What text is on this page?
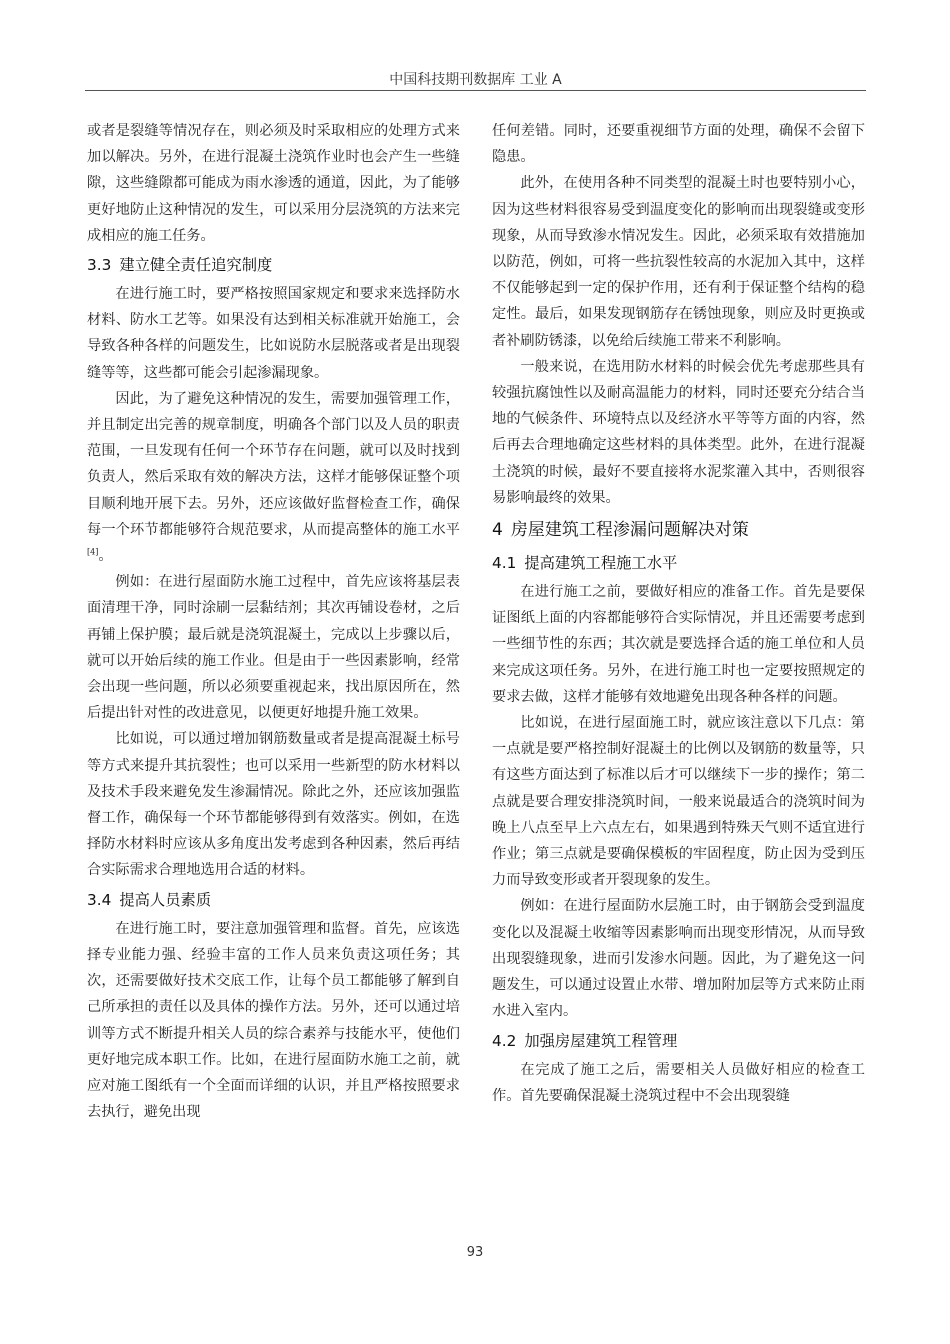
中国科技期刊数据库 工业 A

或者是裂缝等情况存在，则必须及时采取相应的处理方式来加以解决。另外，在进行混凝土浇筑作业时也会产生一些缝隙，这些缝隙都可能成为雨水渗透的通道，因此，为了能够更好地防止这种情况的发生，可以采用分层浇筑的方法来完成相应的施工任务。

3.3 建立健全责任追究制度

在进行施工时，要严格按照国家规定和要求来选择防水材料、防水工艺等。如果没有达到相关标准就开始施工，会导致各种各样的问题发生，比如说防水层脱落或者是出现裂缝等等，这些都可能会引起渗漏现象。

因此，为了避免这种情况的发生，需要加强管理工作，并且制定出完善的规章制度，明确各个部门以及人员的职责范围，一旦发现有任何一个环节存在问题，就可以及时找到负责人，然后采取有效的解决方法，这样才能够保证整个项目顺利地开展下去。另外，还应该做好监督检查工作，确保每一个环节都能够符合规范要求，从而提高整体的施工水平[4]。

例如：在进行屋面防水施工过程中，首先应该将基层表面清理干净，同时涂刷一层黏结剂；其次再铺设卷材，之后再铺上保护膜；最后就是浇筑混凝土，完成以上步骤以后，就可以开始后续的施工作业。但是由于一些因素影响，经常会出现一些问题，所以必须要重视起来，找出原因所在，然后提出针对性的改进意见，以便更好地提升施工效果。

比如说，可以通过增加钢筋数量或者是提高混凝土标号等方式来提升其抗裂性；也可以采用一些新型的防水材料以及技术手段来避免发生渗漏情况。除此之外，还应该加强监督工作，确保每一个环节都能够得到有效落实。例如，在选择防水材料时应该从多角度出发考虑到各种因素，然后再结合实际需求合理地选用合适的材料。

3.4 提高人员素质

在进行施工时，要注意加强管理和监督。首先，应该选择专业能力强、经验丰富的工作人员来负责这项任务；其次，还需要做好技术交底工作，让每个员工都能够了解到自己所承担的责任以及具体的操作方法。另外，还可以通过培训等方式不断提升相关人员的综合素养与技能水平，使他们更好地完成本职工作。比如，在进行屋面防水施工之前，就应对施工图纸有一个全面而详细的认识，并且严格按照要求去执行，避免出现

任何差错。同时，还要重视细节方面的处理，确保不会留下隐患。

此外，在使用各种不同类型的混凝土时也要特别小心，因为这些材料很容易受到温度变化的影响而出现裂缝或变形现象，从而导致渗水情况发生。因此，必须采取有效措施加以防范，例如，可将一些抗裂性较高的水泥加入其中，这样不仅能够起到一定的保护作用，还有利于保证整个结构的稳定性。最后，如果发现钢筋存在锈蚀现象，则应及时更换或者补刷防锈漆，以免给后续施工带来不利影响。

一般来说，在选用防水材料的时候会优先考虑那些具有较强抗腐蚀性以及耐高温能力的材料，同时还要充分结合当地的气候条件、环境特点以及经济水平等等方面的内容，然后再去合理地确定这些材料的具体类型。此外，在进行混凝土浇筑的时候，最好不要直接将水泥浆灌入其中，否则很容易影响最终的效果。

4 房屋建筑工程渗漏问题解决对策
4.1 提高建筑工程施工水平

在进行施工之前，要做好相应的准备工作。首先是要保证图纸上面的内容都能够符合实际情况，并且还需要考虑到一些细节性的东西；其次就是要选择合适的施工单位和人员来完成这项任务。另外，在进行施工时也一定要按照规定的要求去做，这样才能够有效地避免出现各种各样的问题。

比如说，在进行屋面施工时，就应该注意以下几点：第一点就是要严格控制好混凝土的比例以及钢筋的数量等，只有这些方面达到了标准以后才可以继续下一步的操作；第二点就是要合理安排浇筑时间，一般来说最适合的浇筑时间为晚上八点至早上六点左右，如果遇到特殊天气则不适宜进行作业；第三点就是要确保模板的牢固程度，防止因为受到压力而导致变形或者开裂现象的发生。

例如：在进行屋面防水层施工时，由于钢筋会受到温度变化以及混凝土收缩等因素影响而出现变形情况，从而导致出现裂缝现象，进而引发渗水问题。因此，为了避免这一问题发生，可以通过设置止水带、增加附加层等方式来防止雨水进入室内。

4.2 加强房屋建筑工程管理

在完成了施工之后，需要相关人员做好相应的检查工作。首先要确保混凝土浇筑过程中不会出现裂缝

93
